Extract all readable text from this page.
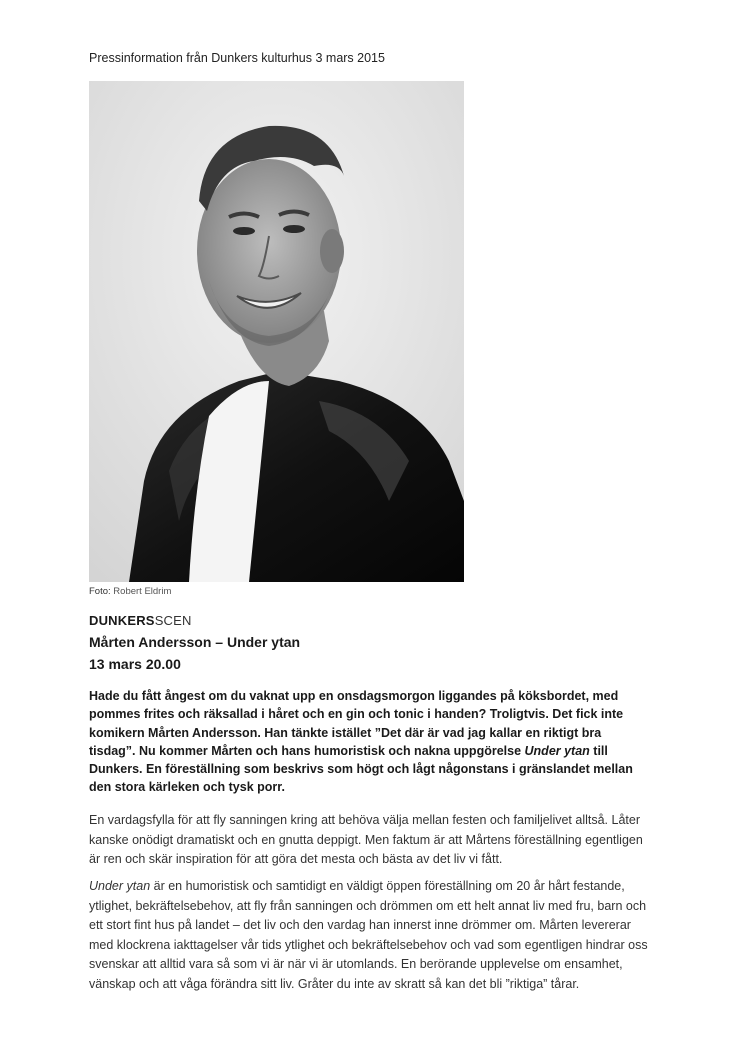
Pressinformation från Dunkers kulturhus 3 mars 2015
Foto: Robert Eldrim
DUNKERSSCEN
Mårten Andersson – Under ytan
13 mars 20.00

Hade du fått ångest om du vaknat upp en onsdagsmorgon liggandes på köksbordet, med pommes frites och räksallad i håret och en gin och tonic i handen? Troligtvis. Det fick inte komikern Mårten Andersson. Han tänkte istället ”Det där är vad jag kallar en riktigt bra tisdag”. Nu kommer Mårten och hans humoristisk och nakna uppgörelse Under ytan till Dunkers. En föreställning som beskrivs som högt och lågt någonstans i gränslandet mellan den stora kärleken och tysk porr.

En vardagsfylla för att fly sanningen kring att behöva välja mellan festen och familjelivet alltså. Låter kanske onödigt dramatiskt och en gnutta deppigt. Men faktum är att Mårtens föreställning egentligen är ren och skär inspiration för att göra det mesta och bästa av det liv vi fått.

Under ytan är en humoristisk och samtidigt en väldigt öppen föreställning om 20 år hårt festande, ytlighet, bekräftelsebehov, att fly från sanningen och drömmen om ett helt annat liv med fru, barn och ett stort fint hus på landet – det liv och den vardag han innerst inne drömmer om. Mårten levererar med klockrena iakttagelser vår tids ytlighet och bekräftelsebehov och vad som egentligen hindrar oss svenskar att alltid vara så som vi är när vi är utomlands. En berörande upplevelse om ensamhet, vänskap och att våga förändra sitt liv. Gråter du inte av skratt så kan det bli ”riktiga” tårar.
